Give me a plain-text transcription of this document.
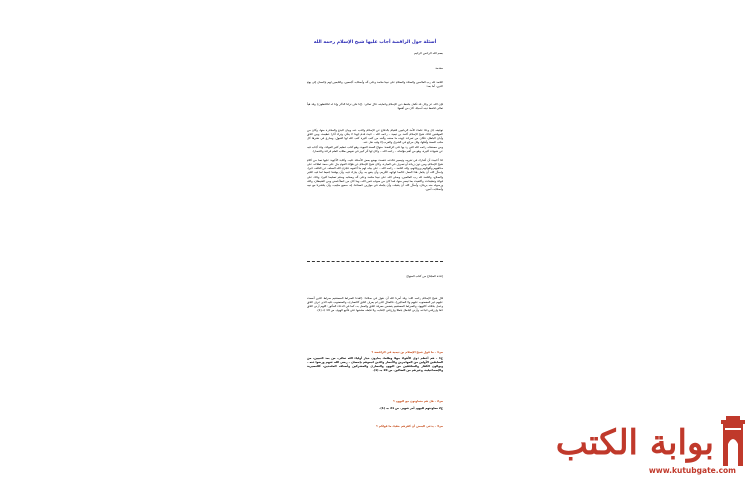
أسئلة حول الرافضة أجاب عليها شيخ الإسلام رحمه الله
بسم الله الرحمن الرحيم
مقدمة
الحمد لله رب العالمين والصلاة والسلام على نبينا محمد وعلى آله وأصحابه أجمعين، والتابعين لهم بإحسان إلى يوم الدين، أما بعد:
فإن الله عز وجل قد تكفل بحفظ دين الإسلام وحمايته، قال تعالى: {إنا نحن نزلنا الذكر وإنا له لحافظون} وقد هيأ تعالى لحفظ دينه أسبابا، كان من أهمها:
توفيقه جل وعلا علماء الأمة الربانيين للقيام بالدفاع عن الإسلام والذب عنه وبيان البدع والمحذرة منها، وكان من الموفقين لذلك شيخ الإسلام أحمد بن تيمية – رحمه الله – حيث قدم جهدا لا ينكر، وترك آثارا عظيمة، وبين الحق وأبان الباطل، فكان من ثمرات جهده ما صنفه وألفه من كتب كثيرة كتب الله لها القبول، وسارع في نشرها كل محب للسنة وأهلها، وقل مرجع في الشرق والغرب إلا وفيه نقل عنه.
ومن مصنفاته رحمه الله التي رد بها على الرافضة: منهاج السنة النبوية، وهو كتاب عظيم كثير الفوائد، وقد أجاب فيه عن شبهات كثيرة، وهو من أهم مؤلفاته – رحمه الله – وكان لها أثر كبير في نفوس طلاب العلم قراءة واختصارا.
لذا أحببت أن أشارك في تقريبه وتيسير فائدته، فقمت بوضع بعض الأسئلة عليه، وكتابة الأجوبة عليها نصا من كلام شيخ الإسلام، ومن دون زيادة أو تصرف في العبارة، وكان شيخ الإسلام عن هؤلاء القوم بدل على سعة اطلاعه على مذاهبهم وأقوالهم ورواياتهم، ولله الحمد – رحمه الله – على بيانه لهم ما أخفوه، فجزى الله السلف عن الخلف خيرا، واسأل الله أن يجعل هذا العمل خالصا لوجهه الكريم، وأن ينفع به، وأن يبارك فيه، وأن يوفقنا جميعا لما فيه الخير والصلاح، والحمد لله رب العالمين، وصلى الله على نبينا محمد وعلى آله وصحبه وسلم تسليما كثيرا، وذلك على فوائد وتعليقات، واكتفيت بما تيسر منها، فما كان من صواب فمن الله، وما كان من خطأ فمني ومن الشيطان، والله ورسوله منه بريئان، وأسأل الله أن يتقبله، وأن يجعله في موازين حسناتنا، إنه سميع مجيب، وأن يحشرنا مع نبيه وأصحابه، آمين.
إعادة المجتاج من كتاب المنهاج
قال شيخ الإسلام رحمه الله: وقد أمرنا الله أن نقول في صلاتنا: {اهدنا الصراط المستقيم صراط الذين أنعمت عليهم غير المغضوب عليهم ولا الضالين}، فالضال الذي لم يعرف الحق كالنصارى، والمغضوب عليه الذي عرف الحق وعمل بخلافه كاليهود، والصراط المستقيم يتضمن معرفة الحق والعمل به، كما في الدعاء المأثور: اللهم أرني الحق حقا وارزقني اتباعه، وأرني الباطل باطلا وارزقني اجتنابه، ولا تجعله مشتبها علي فأتبع الهوى. ص 19 جـ (1).
س1 - ما قول شيخ الإسلام بن تيمية في الرافضة ؟
ج1 - هم أعظم ذوي الأهواء جهلا وظلما، يعادون خيار أولياء الله تعالى، من بعد النبيين، من السابقين الأولين من المهاجرين والأنصار والذين اتبعوهم بإحسان – رضي الله عنهم ورضوا عنه – ويوالون الكفار والمنافقين من اليهود والنصارى والمشركين وأصناف الملحدين، كالنصيرية والإسماعيلية، وغيرهم من الضالين. ص 20 جـ (1).
س2 - هل هم متعاونون مع اليهود ؟
ج2 معاونتهم لليهود أمر شهير. ص 21 جـ (1).
س3 - يدعي البعض أن كفرهم خفيا، ما قولكم ؟	بوابة الكتب
www.kutubgate.com
